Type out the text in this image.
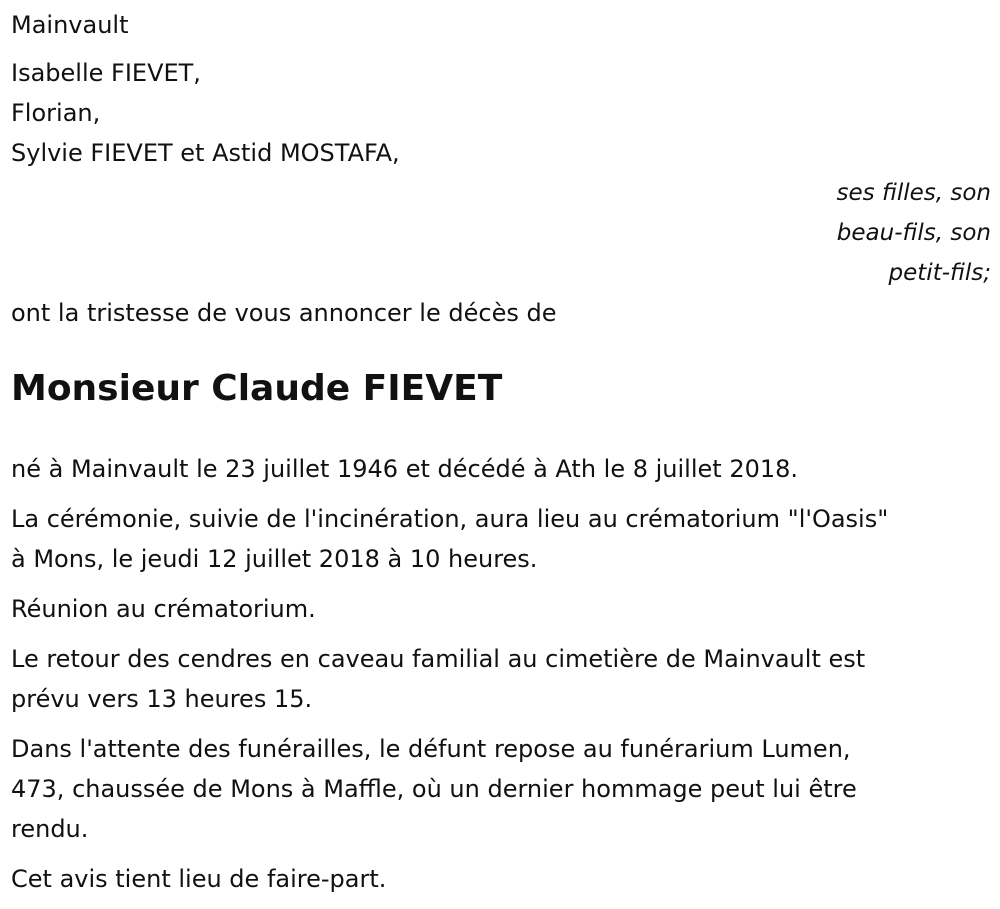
Mainvault

Isabelle FIEVET,

Florian,

Sylvie FIEVET et Astid MOSTAFA,

ses filles, son

beau-fils, son

petit-fils;

ont la tristesse de vous annoncer le décès de

Monsieur Claude FIEVET

né à Mainvault le 23 juillet 1946 et décédé à Ath le 8 juillet 2018.

La cérémonie, suivie de l'incinération, aura lieu au crématorium "l'Oasis"

à Mons, le jeudi 12 juillet 2018 à 10 heures.

Réunion au crématorium.

Le retour des cendres en caveau familial au cimetière de Mainvault est

prévu vers 13 heures 15.

Dans l'attente des funérailles, le défunt repose au funérarium Lumen,

473, chaussée de Mons à Maffle, où un dernier hommage peut lui être

rendu.

Cet avis tient lieu de faire-part.
